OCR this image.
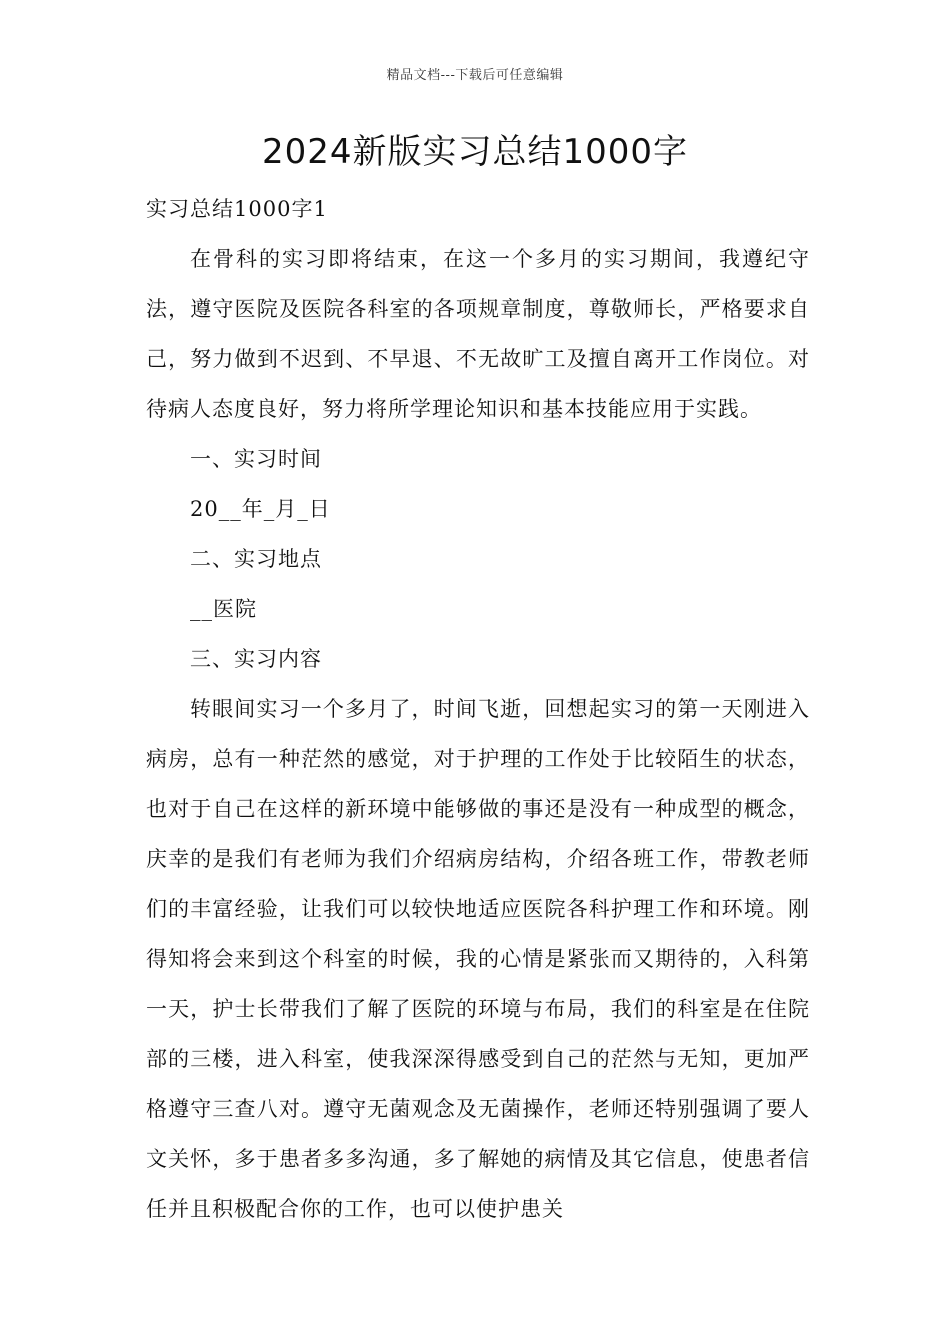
精品文档---下载后可任意编辑
2024新版实习总结1000字

实习总结1000字1

在骨科的实习即将结束，在这一个多月的实习期间，我遵纪守法，遵守医院及医院各科室的各项规章制度，尊敬师长，严格要求自己，努力做到不迟到、不早退、不无故旷工及擅自离开工作岗位。对待病人态度良好，努力将所学理论知识和基本技能应用于实践。

一、实习时间

20__年_月_日

二、实习地点

__医院

三、实习内容

转眼间实习一个多月了，时间飞逝，回想起实习的第一天刚进入病房，总有一种茫然的感觉，对于护理的工作处于比较陌生的状态，也对于自己在这样的新环境中能够做的事还是没有一种成型的概念，庆幸的是我们有老师为我们介绍病房结构，介绍各班工作，带教老师们的丰富经验，让我们可以较快地适应医院各科护理工作和环境。刚得知将会来到这个科室的时候，我的心情是紧张而又期待的，入科第一天，护士长带我们了解了医院的环境与布局，我们的科室是在住院部的三楼，进入科室，使我深深得感受到自己的茫然与无知，更加严格遵守三查八对。遵守无菌观念及无菌操作，老师还特别强调了要人文关怀，多于患者多多沟通，多了解她的病情及其它信息，使患者信任并且积极配合你的工作，也可以使护患关
